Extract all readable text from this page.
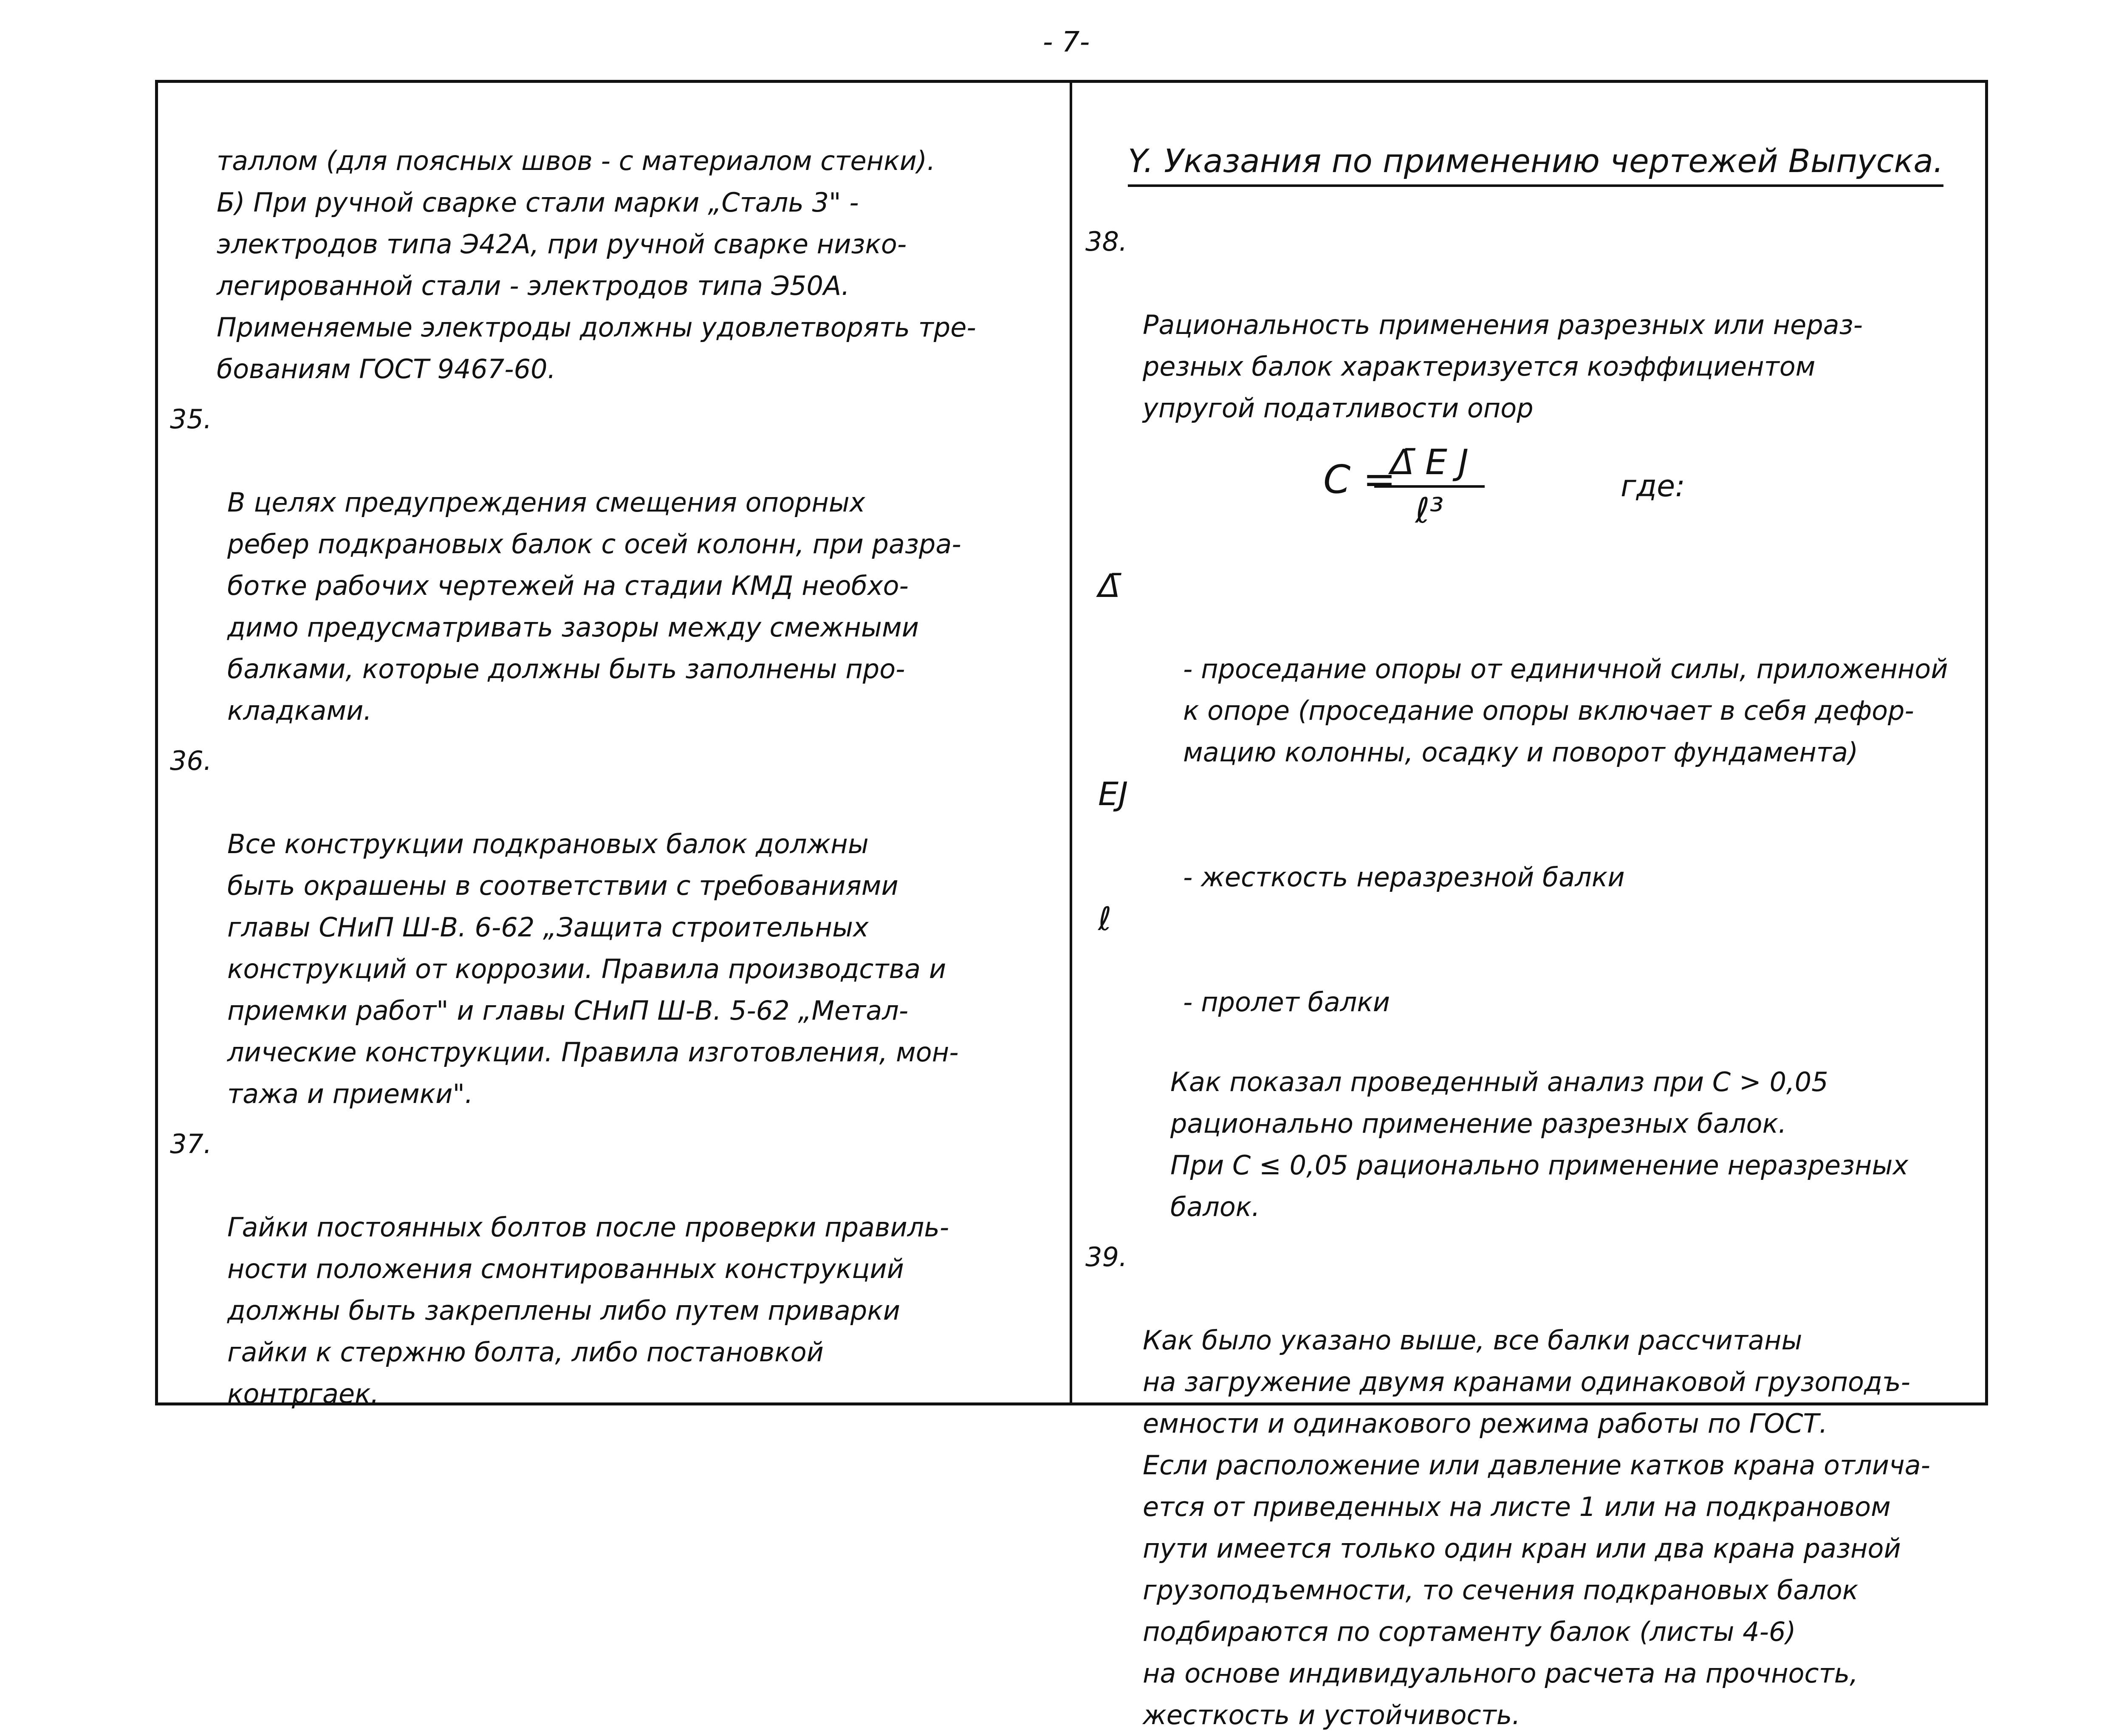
- 7-

таллом (для поясных швов - с материалом стенки).
Б) При ручной сварке стали марки „Сталь 3" -
электродов типа Э42А, при ручной сварке низко-
легированной стали - электродов типа Э50А.
Применяемые электроды должны удовлетворять тре-
бованиям ГОСТ 9467-60.

35.

В целях предупреждения смещения опорных
ребер подкрановых балок с осей колонн, при разра-
ботке рабочих чертежей на стадии КМД необхо-
димо предусматривать зазоры между смежными
балками, которые должны быть заполнены про-
кладками.

36.

Все конструкции подкрановых балок должны
быть окрашены в соответствии с требованиями
главы СНиП Ш-В. 6-62 „Защита строительных
конструкций от коррозии. Правила производства и
приемки работ" и главы СНиП Ш-В. 5-62 „Метал-
лические конструкции. Правила изготовления, мон-
тажа и приемки".

37.

Гайки постоянных болтов после проверки правиль-
ности положения смонтированных конструкций
должны быть закреплены либо путем приварки
гайки к стержню болта, либо постановкой
контргаек.

Y. Указания по применению чертежей Выпуска.

38.

Рациональность применения разрезных или нераз-
резных балок характеризуется коэффициентом
упругой податливости опор

C =
Δ̄ E J
ℓ³
где:

Δ̄

- проседание опоры от единичной силы, приложенной
к опоре (проседание опоры включает в себя дефор-
мацию колонны, осадку и поворот фундамента)

EJ

- жесткость неразрезной балки

ℓ

- пролет балки

Как показал проведенный анализ при C > 0,05
рационально применение разрезных балок.

При C ≤ 0,05 рационально применение неразрезных
балок.

39.

Как было указано выше, все балки рассчитаны
на загружение двумя кранами одинаковой грузоподъ-
емности и одинакового режима работы по ГОСТ.
Если расположение или давление катков крана отлича-
ется от приведенных на листе 1 или на подкрановом
пути имеется только один кран или два крана разной
грузоподъемности, то сечения подкрановых балок
подбираются по сортаменту балок (листы 4-6)
на основе индивидуального расчета на прочность,
жесткость и устойчивость.
